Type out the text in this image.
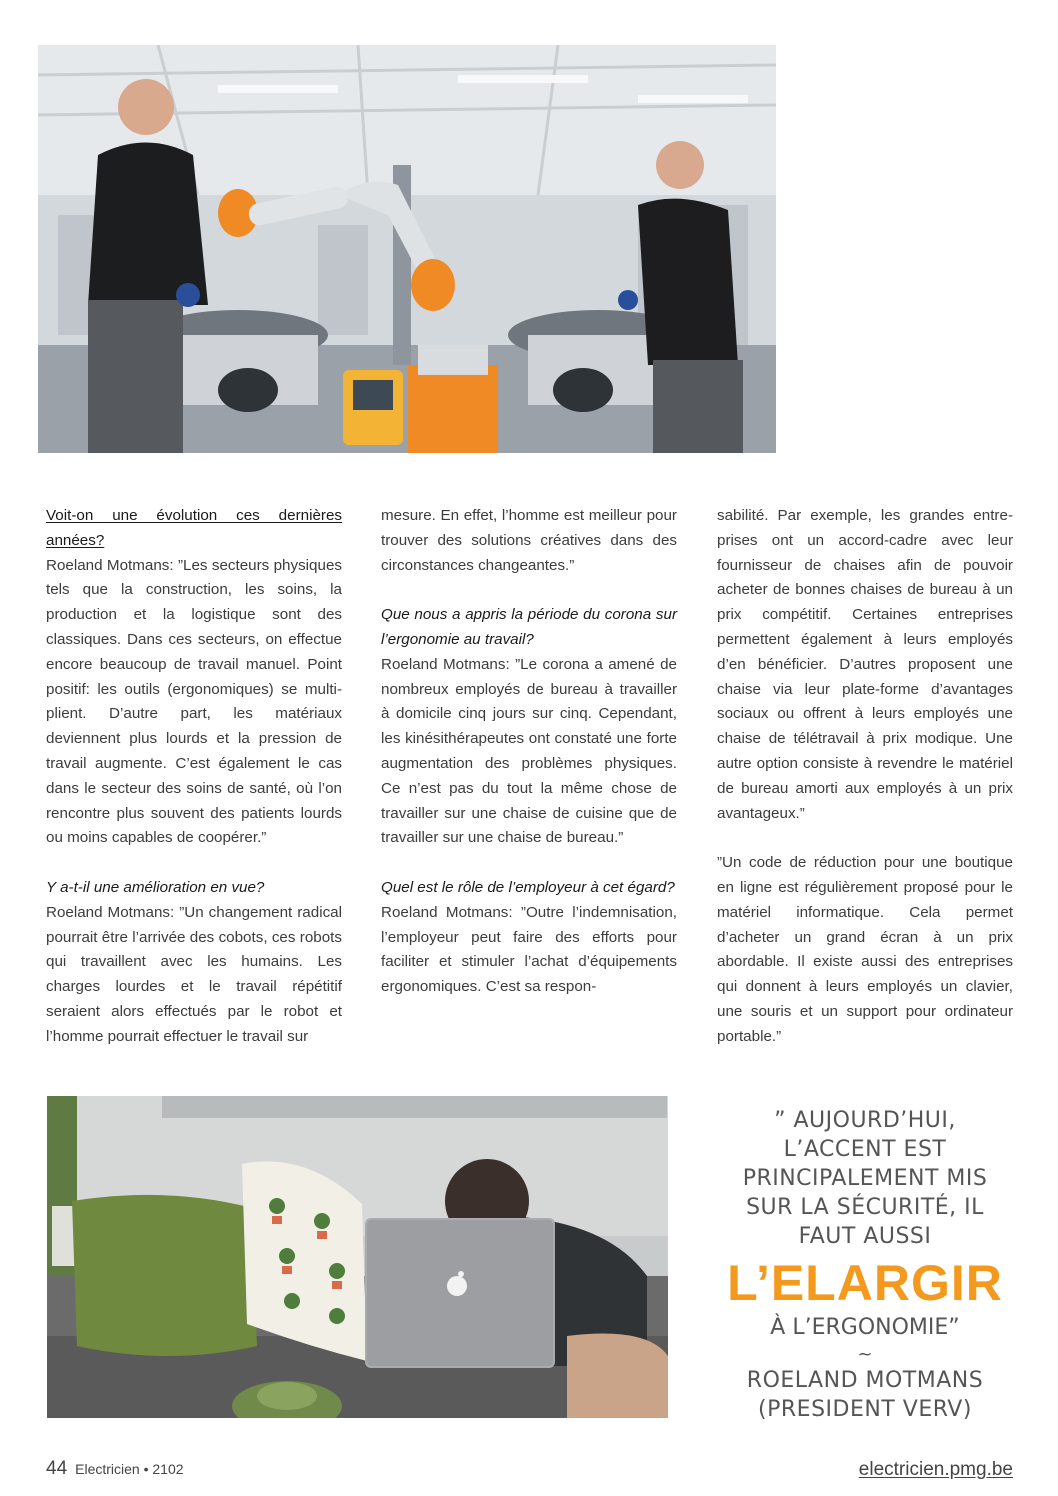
Voit-on une évolution ces dernières années?

Roeland Motmans: ”Les secteurs physiques tels que la construction, les soins, la production et la logistique sont des classiques. Dans ces secteurs, on effectue encore beaucoup de travail manuel. Point positif: les outils (ergonomiques) se multiplient. D’autre part, les matériaux deviennent plus lourds et la pression de travail augmente. C’est également le cas dans le secteur des soins de santé, où l’on rencontre plus souvent des patients lourds ou moins capables de coopérer.”

Y a-t-il une amélioration en vue?

Roeland Motmans: ”Un changement radical pourrait être l’arrivée des cobots, ces robots qui travaillent avec les humains. Les charges lourdes et le travail répétitif seraient alors effectués par le robot et l’homme pourrait effectuer le travail sur

mesure. En effet, l’homme est meilleur pour trouver des solutions créatives dans des circonstances changeantes.”

Que nous a appris la période du corona sur l’ergonomie au travail?

Roeland Motmans: ”Le corona a amené de nombreux employés de bureau à travailler à domicile cinq jours sur cinq. Cependant, les kinésithérapeutes ont constaté une forte augmentation des problèmes physiques. Ce n’est pas du tout la même chose de travailler sur une chaise de cuisine que de travailler sur une chaise de bureau.”

Quel est le rôle de l’employeur à cet égard?

Roeland Motmans: ”Outre l’indemnisation, l’employeur peut faire des efforts pour faciliter et stimuler l’achat d’équipements ergonomiques. C’est sa respon-

sabilité. Par exemple, les grandes entreprises ont un accord-cadre avec leur fournisseur de chaises afin de pouvoir acheter de bonnes chaises de bureau à un prix compétitif. Certaines entreprises permettent également à leurs employés d’en bénéficier. D’autres proposent une chaise via leur plate-forme d’avantages sociaux ou offrent à leurs employés une chaise de télétravail à prix modique. Une autre option consiste à revendre le matériel de bureau amorti aux employés à un prix avantageux.”

”Un code de réduction pour une boutique en ligne est régulièrement proposé pour le matériel informatique. Cela permet d’acheter un grand écran à un prix abordable. Il existe aussi des entreprises qui donnent à leurs employés un clavier, une souris et un support pour ordinateur portable.”

” AUJOURD’HUI,
L’ACCENT EST
PRINCIPALEMENT MIS
SUR LA SÉCURITÉ, IL
FAUT AUSSI
L’ELARGIR
À L’ERGONOMIE”
~
ROELAND MOTMANS
(PRESIDENT VERV)
44 Electricien • 2102	electricien.pmg.be
